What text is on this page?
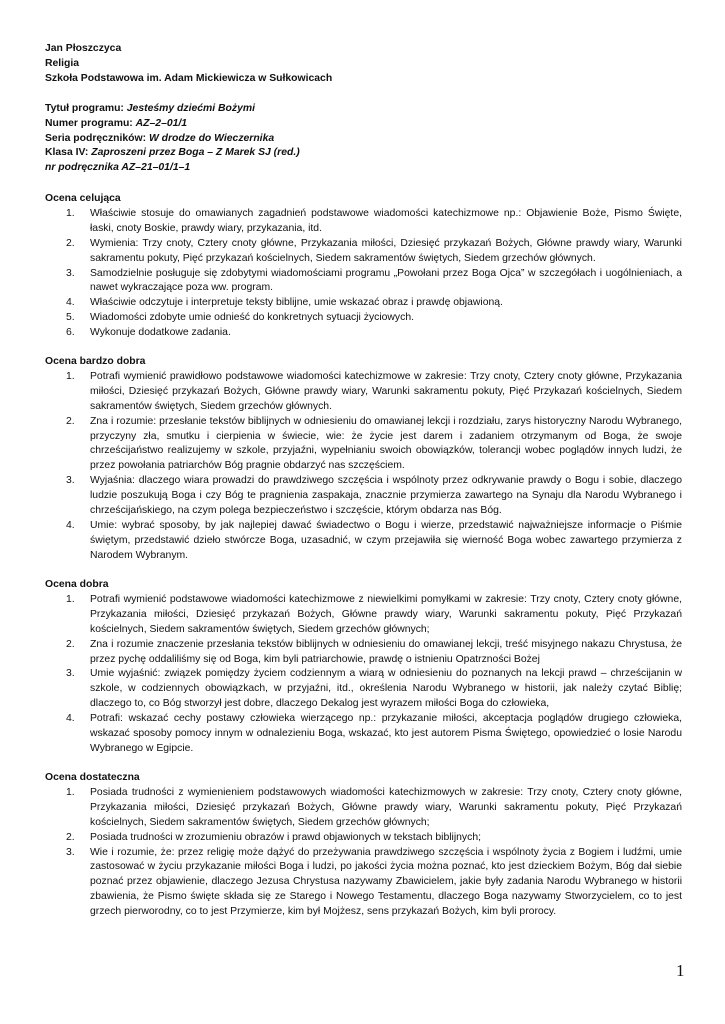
Jan Płoszczyca
Religia
Szkoła Podstawowa im. Adam Mickiewicza w Sułkowicach
Tytuł programu: Jesteśmy dziećmi Bożymi
Numer programu: AZ–2–01/1
Seria podręczników: W drodze do Wieczernika
Klasa IV: Zaproszeni przez Boga – Z Marek SJ (red.)
nr podręcznika AZ–21–01/1–1
Ocena celująca
1. Właściwie stosuje do omawianych zagadnień podstawowe wiadomości katechizmowe np.: Objawienie Boże, Pismo Święte, łaski, cnoty Boskie, prawdy wiary, przykazania, itd.
2. Wymienia: Trzy cnoty, Cztery cnoty główne, Przykazania miłości, Dziesięć przykazań Bożych, Główne prawdy wiary, Warunki sakramentu pokuty, Pięć przykazań kościelnych, Siedem sakramentów świętych, Siedem grzechów głównych.
3. Samodzielnie posługuje się zdobytymi wiadomościami programu „Powołani przez Boga Ojca” w szczegółach i uogólnieniach, a nawet wykraczające poza ww. program.
4. Właściwie odczytuje i interpretuje teksty biblijne, umie wskazać obraz i prawdę objawioną.
5. Wiadomości zdobyte umie odnieść do konkretnych sytuacji życiowych.
6. Wykonuje dodatkowe zadania.
Ocena bardzo dobra
1. Potrafi wymienić prawidłowo podstawowe wiadomości katechizmowe w zakresie: Trzy cnoty, Cztery cnoty główne, Przykazania miłości, Dziesięć przykazań Bożych, Główne prawdy wiary, Warunki sakramentu pokuty, Pięć Przykazań kościelnych, Siedem sakramentów świętych, Siedem grzechów głównych.
2. Zna i rozumie: przesłanie tekstów biblijnych w odniesieniu do omawianej lekcji i rozdziału, zarys historyczny Narodu Wybranego, przyczyny zła, smutku i cierpienia w świecie, wie: że życie jest darem i zadaniem otrzymanym od Boga, że swoje chrześcijaństwo realizujemy w szkole, przyjaźni, wypełnianiu swoich obowiązków, tolerancji wobec poglądów innych ludzi, że przez powołania patriarchów Bóg pragnie obdarzyć nas szczęściem.
3. Wyjaśnia: dlaczego wiara prowadzi do prawdziwego szczęścia i wspólnoty przez odkrywanie prawdy o Bogu i sobie, dlaczego ludzie poszukują Boga i czy Bóg te pragnienia zaspakaja, znacznie przymierza zawartego na Synaju dla Narodu Wybranego i chrześcijańskiego, na czym polega bezpieczeństwo i szczęście, którym obdarza nas Bóg.
4. Umie: wybrać sposoby, by jak najlepiej dawać świadectwo o Bogu i wierze, przedstawić najważniejsze informacje o Piśmie świętym, przedstawić dzieło stwórcze Boga, uzasadnić, w czym przejawiła się wierność Boga wobec zawartego przymierza z Narodem Wybranym.
Ocena dobra
1. Potrafi wymienić podstawowe wiadomości katechizmowe z niewielkimi pomyłkami w zakresie: Trzy cnoty, Cztery cnoty główne, Przykazania miłości, Dziesięć przykazań Bożych, Główne prawdy wiary, Warunki sakramentu pokuty, Pięć Przykazań kościelnych, Siedem sakramentów świętych, Siedem grzechów głównych;
2. Zna i rozumie znaczenie przesłania tekstów biblijnych w odniesieniu do omawianej lekcji, treść misyjnego nakazu Chrystusa, że przez pychę oddaliliśmy się od Boga, kim byli patriarchowie, prawdę o istnieniu Opatrzności Bożej
3. Umie wyjaśnić: związek pomiędzy życiem codziennym a wiarą w odniesieniu do poznanych na lekcji prawd – chrześcijanin w szkole, w codziennych obowiązkach, w przyjaźni, itd., określenia Narodu Wybranego w historii, jak należy czytać Biblię; dlaczego to, co Bóg stworzył jest dobre, dlaczego Dekalog jest wyrazem miłości Boga do człowieka,
4. Potrafi: wskazać cechy postawy człowieka wierzącego np.: przykazanie miłości, akceptacja poglądów drugiego człowieka, wskazać sposoby pomocy innym w odnalezieniu Boga, wskazać, kto jest autorem Pisma Świętego, opowiedzieć o losie Narodu Wybranego w Egipcie.
Ocena dostateczna
1. Posiada trudności z wymienieniem podstawowych wiadomości katechizmowych w zakresie: Trzy cnoty, Cztery cnoty główne, Przykazania miłości, Dziesięć przykazań Bożych, Główne prawdy wiary, Warunki sakramentu pokuty, Pięć Przykazań kościelnych, Siedem sakramentów świętych, Siedem grzechów głównych;
2. Posiada trudności w zrozumieniu obrazów i prawd objawionych w tekstach biblijnych;
3. Wie i rozumie, że: przez religię może dążyć do przeżywania prawdziwego szczęścia i wspólnoty życia z Bogiem i ludźmi, umie zastosować w życiu przykazanie miłości Boga i ludzi, po jakości życia można poznać, kto jest dzieckiem Bożym, Bóg dał siebie poznać przez objawienie, dlaczego Jezusa Chrystusa nazywamy Zbawicielem, jakie były zadania Narodu Wybranego w historii zbawienia, że Pismo święte składa się ze Starego i Nowego Testamentu, dlaczego Boga nazywamy Stworzycielem, co to jest grzech pierworodny, co to jest Przymierze, kim był Mojżesz, sens przykazań Bożych, kim byli prorocy.
1
